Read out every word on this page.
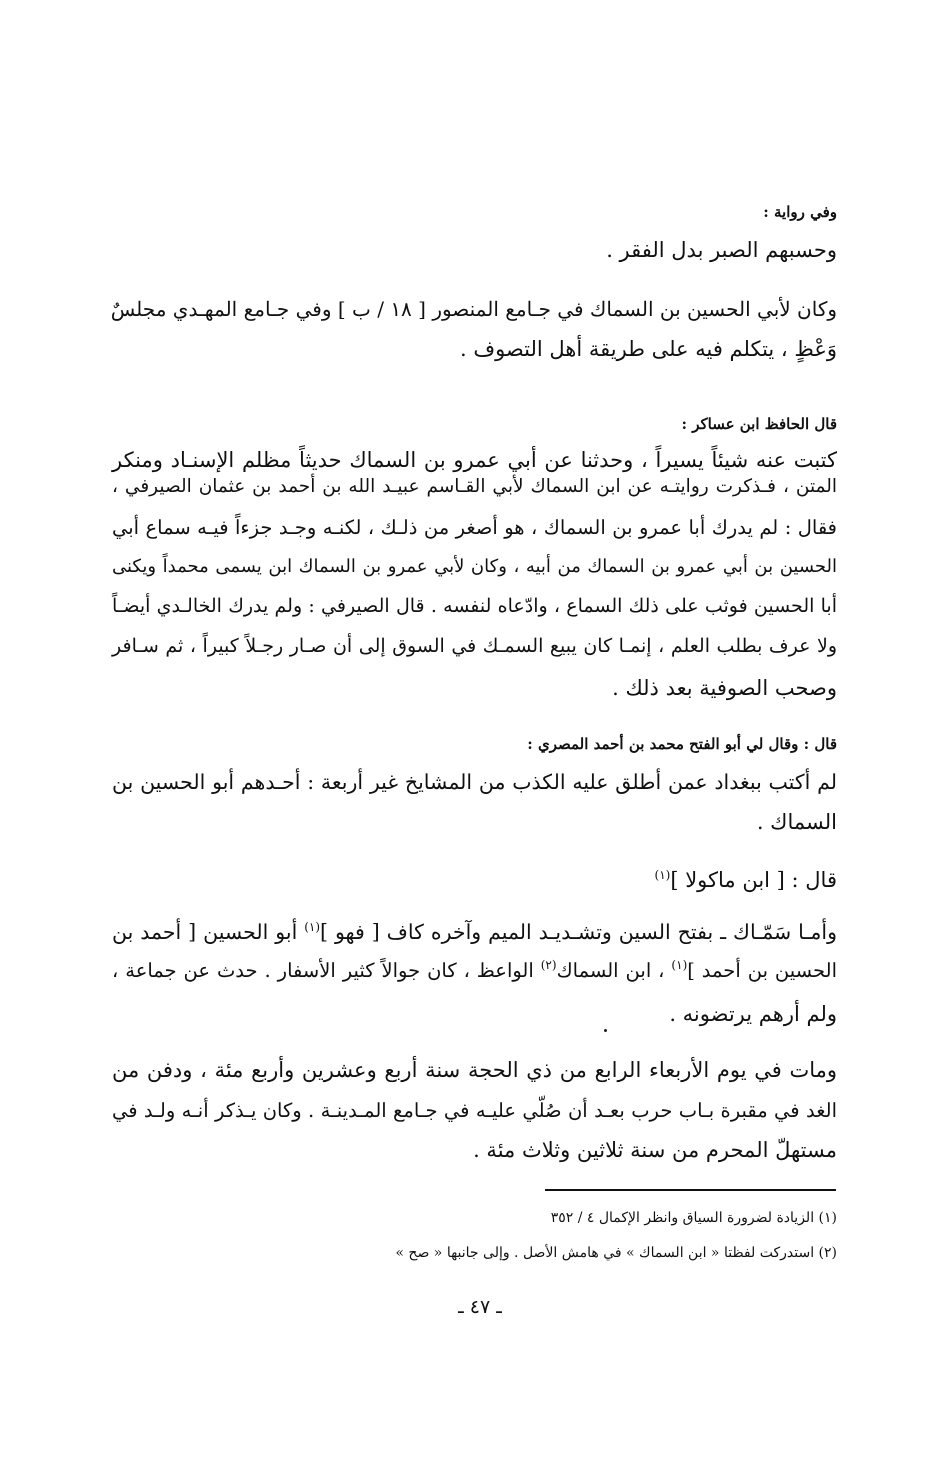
وفي رواية :
وحسبهم الصبر بدل الفقر .
وكان لأبي الحسين بن السماك في جـامع المنصور [ ١٨ / ب ] وفي جـامع المهـدي مجلسٌ
وَعْظٍ ، يتكلم فيه على طريقة أهل التصوف .
قال الحافظ ابن عساكر :
كتبت عنه شيئاً يسيراً ، وحدثنا عن أبي عمرو بن السماك حديثاً مظلم الإسنـاد ومنكر
المتن ، فـذكرت روايتـه عن ابن السماك لأبي القـاسم عبيـد الله بن أحمد بن عثمان الصيرفي ،
فقال : لم يدرك أبا عمرو بن السماك ، هو أصغر من ذلـك ، لكنـه وجـد جزءاً فيـه سماع أبي
الحسين بن أبي عمرو بن السماك من أبيه ، وكان لأبي عمرو بن السماك ابن يسمى محمداً ويكنى
أبا الحسين فوثب على ذلك السماع ، وادّعاه لنفسه . قال الصيرفي : ولم يدرك الخالـدي أيضـاً
ولا عرف بطلب العلم ، إنمـا كان يبيع السمـك في السوق إلى أن صـار رجـلاً كبيراً ، ثم سـافر
وصحب الصوفية بعد ذلك .
قال : وقال لي أبو الفتح محمد بن أحمد المصري :
لم أكتب ببغداد عمن أطلق عليه الكذب من المشايخ غير أربعة : أحـدهم أبو الحسين بن
السماك .
قال : [ ابن ماكولا ]$^{(١)}$
وأمـا سَمّـاك ـ بفتح السين وتشـديـد الميم وآخره كاف [ فهو ]$^{(١)}$ أبو الحسين [ أحمد بن
الحسين بن أحمد ]$^{(١)}$ ، ابن السماك$^{(٢)}$ الواعظ ، كان جوالاً كثير الأسفار . حدث عن جماعة ،
ولم أرهم يرتضونه .
ومات في يوم الأربعاء الرابع من ذي الحجة سنة أربع وعشرين وأربع مئة ، ودفن من
الغد في مقبرة بـاب حرب بعـد أن صُلّي عليـه في جـامع المـدينـة . وكان يـذكر أنـه ولـد في
مستهلّ المحرم من سنة ثلاثين وثلاث مئة .
(١) الزيادة لضرورة السياق وانظر الإكمال ٤ / ٣٥٢
(٢) استدركت لفظتا « ابن السماك » في هامش الأصل . وإلى جانبها « صح »
ـ ٤٧ ـ
